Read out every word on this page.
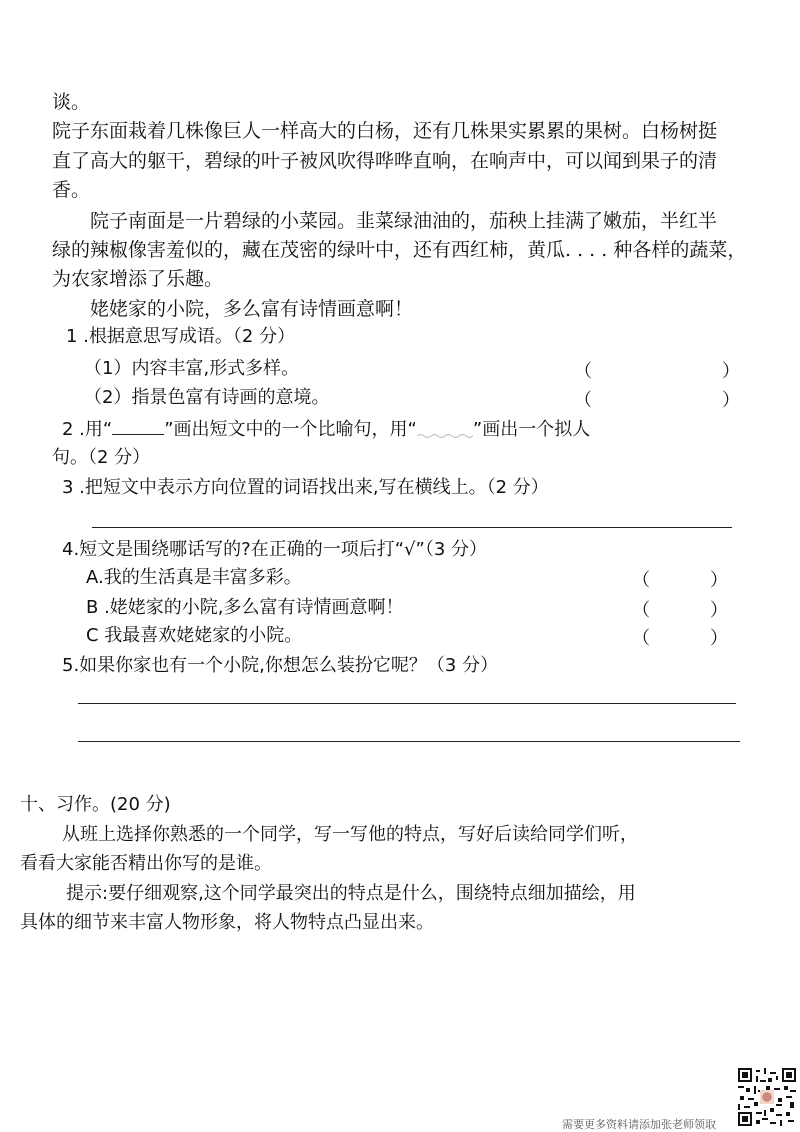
谈。
院子东面栽着几株像巨人一样高大的白杨，还有几株果实累累的果树。白杨树挺
直了高大的躯干，碧绿的叶子被风吹得哗哗直响，在响声中，可以闻到果子的清
香。
院子南面是一片碧绿的小菜园。韭菜绿油油的，茄秧上挂满了嫩茄，半红半
绿的辣椒像害羞似的，藏在茂密的绿叶中，还有西红柿，黄瓜. . . . 种各样的蔬菜，
为农家增添了乐趣。
姥姥家的小院，多么富有诗情画意啊！
1 .根据意思写成语。（2 分）
（1）内容丰富,形式多样。	（	）
（2）指景色富有诗画的意境。	（	）
2 .用“	”画出短文中的一个比喻句，用“	”画出一个拟人
句。（2 分）
3 .把短文中表示方向位置的词语找出来,写在横线上。（2 分）
4.短文是围绕哪话写的?在正确的一项后打“√”（3 分）
A.我的生活真是丰富多彩。	（	）
B .姥姥家的小院,多么富有诗情画意啊！	（	）
C 我最喜欢姥姥家的小院。	（	）
5.如果你家也有一个小院,你想怎么装扮它呢？（3 分）
十、习作。(20 分)
从班上选择你熟悉的一个同学，写一写他的特点，写好后读给同学们听，
看看大家能否精出你写的是谁。
提示:要仔细观察,这个同学最突出的特点是什么，围绕特点细加描绘，用
具体的细节来丰富人物形象，将人物特点凸显出来。
需要更多资料请添加张老师领取
